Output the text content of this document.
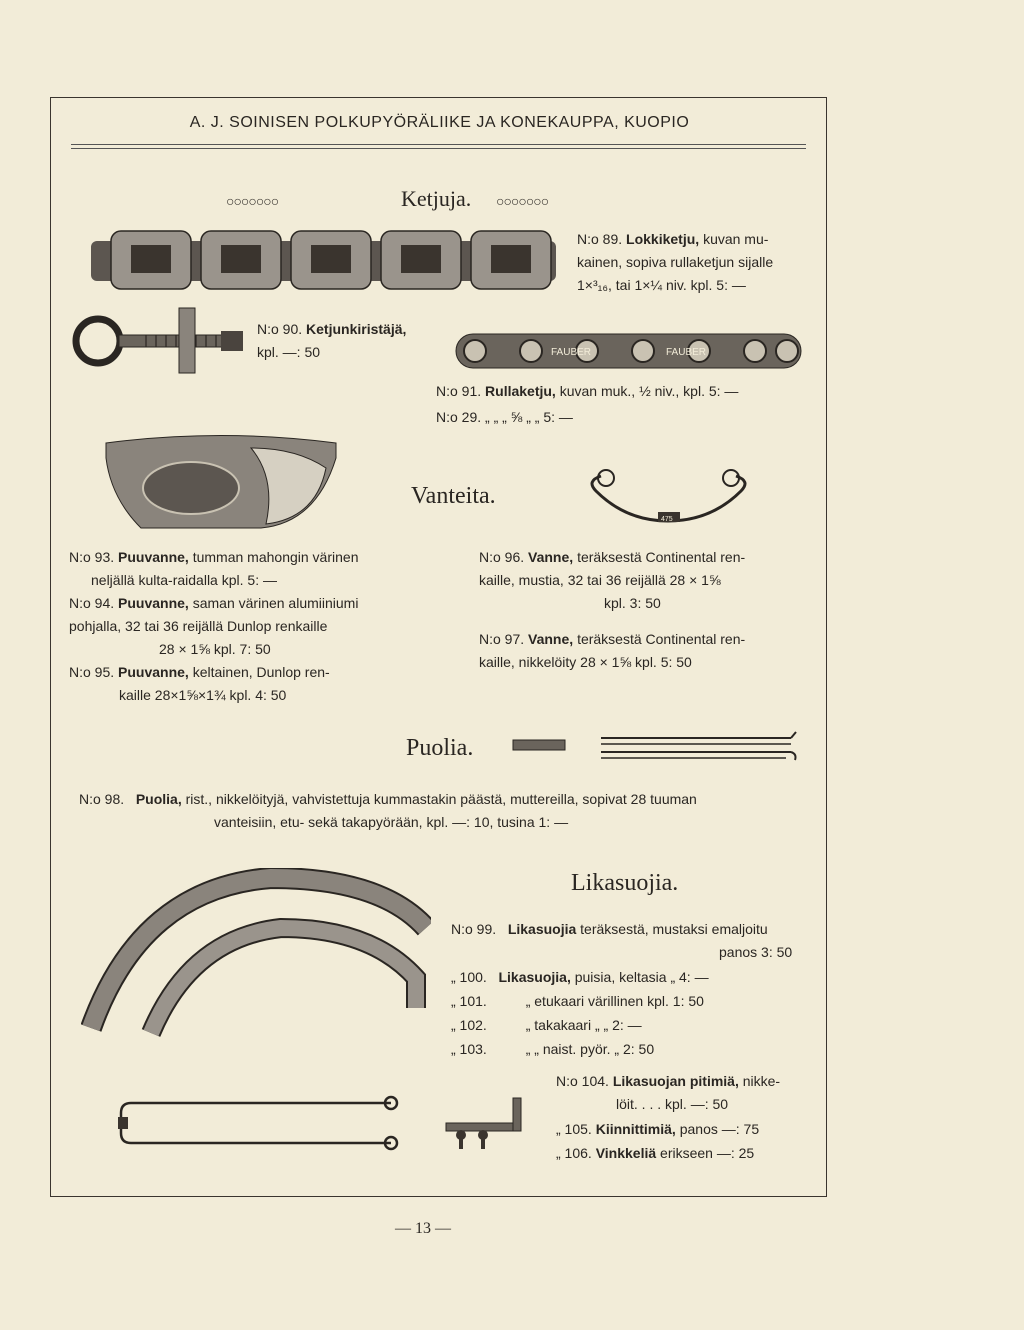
A. J. SOINISEN POLKUPYÖRÄLIIKE JA KONEKAUPPA, KUOPIO
○○○○○○○	Ketjuja. ○○○○○○○
N:o 89. Lokkiketju, kuvan mu-
kainen, sopiva rullaketjun sijalle
1×³₁₆, tai 1×¼ niv. kpl. 5: —
N:o 90. Ketjunkiristäjä,
kpl. —: 50	FAUBER	FAUBER
N:o 91. Rullaketju, kuvan muk., ½ niv., kpl. 5: —
N:o 29. „ „ „ ⅝ „ „ 5: —
Vanteita.
475
N:o 93. Puuvanne, tumman mahongin värinen
neljällä kulta-raidalla kpl. 5: —
N:o 94. Puuvanne, saman värinen alumiiniumi
pohjalla, 32 tai 36 reijällä Dunlop renkaille
28 × 1⅝ kpl. 7: 50
N:o 95. Puuvanne, keltainen, Dunlop ren-
kaille 28×1⅝×1¾ kpl. 4: 50
N:o 96. Vanne, teräksestä Continental ren-
kaille, mustia, 32 tai 36 reijällä 28 × 1⅝
kpl. 3: 50
N:o 97. Vanne, teräksestä Continental ren-
kaille, nikkelöity 28 × 1⅝ kpl. 5: 50
Puolia.
N:o 98. Puolia, rist., nikkelöityjä, vahvistettuja kummastakin päästä, muttereilla, sopivat 28 tuuman
vanteisiin, etu- sekä takapyörään, kpl. —: 10, tusina 1: —
Likasuojia.
N:o 99. Likasuojia teräksestä, mustaksi emaljoitu
panos 3: 50
„ 100. Likasuojia, puisia, keltasia „ 4: —
„ 101.	„ etukaari värillinen kpl. 1: 50
„ 102.	„ takakaari „ „ 2: —
„ 103.	„ „ naist. pyör. „ 2: 50
N:o 104. Likasuojan pitimiä, nikke-
löit. . . . kpl. —: 50
„ 105. Kiinnittimiä, panos —: 75
„ 106. Vinkkeliä erikseen —: 25
— 13 —
